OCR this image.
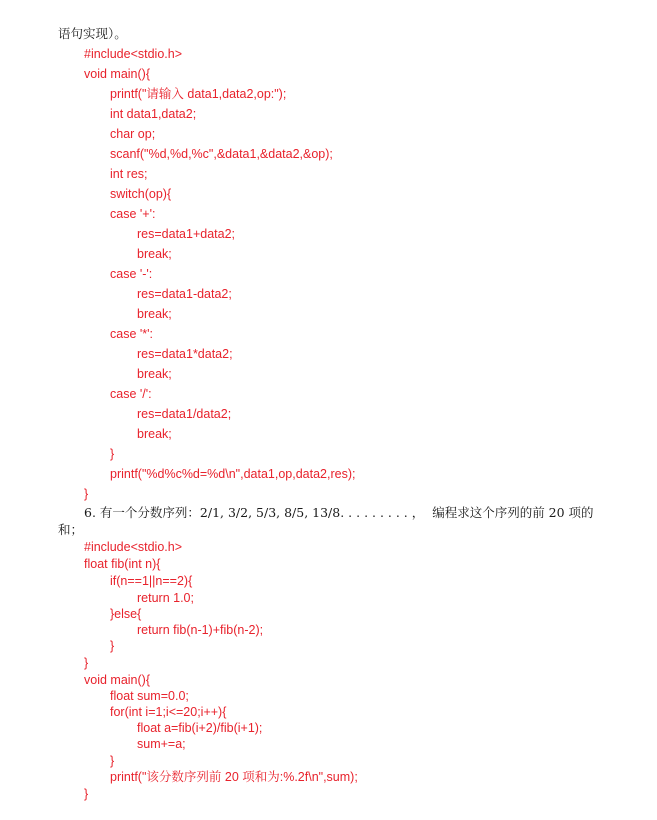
语句实现）。
#include<stdio.h>
void main(){
printf("请输入 data1,data2,op:");
int data1,data2;
char op;
scanf("%d,%d,%c",&data1,&data2,&op);
int res;
switch(op){
case '+':
res=data1+data2;
break;
case '-':
res=data1-data2;
break;
case '*':
res=data1*data2;
break;
case '/':
res=data1/data2;
break;
}
printf("%d%c%d=%d\n",data1,op,data2,res);
}
6. 有一个分数序列：2/1, 3/2, 5/3, 8/5, 13/8. . . . . . . . . ，  编程求这个序列的前 20 项的
和；
#include<stdio.h>
float fib(int n){
if(n==1||n==2){
return 1.0;
}else{
return fib(n-1)+fib(n-2);
}
}
void main(){
float sum=0.0;
for(int i=1;i<=20;i++){
float a=fib(i+2)/fib(i+1);
sum+=a;
}
printf("该分数序列前 20 项和为:%.2f\n",sum);
}
